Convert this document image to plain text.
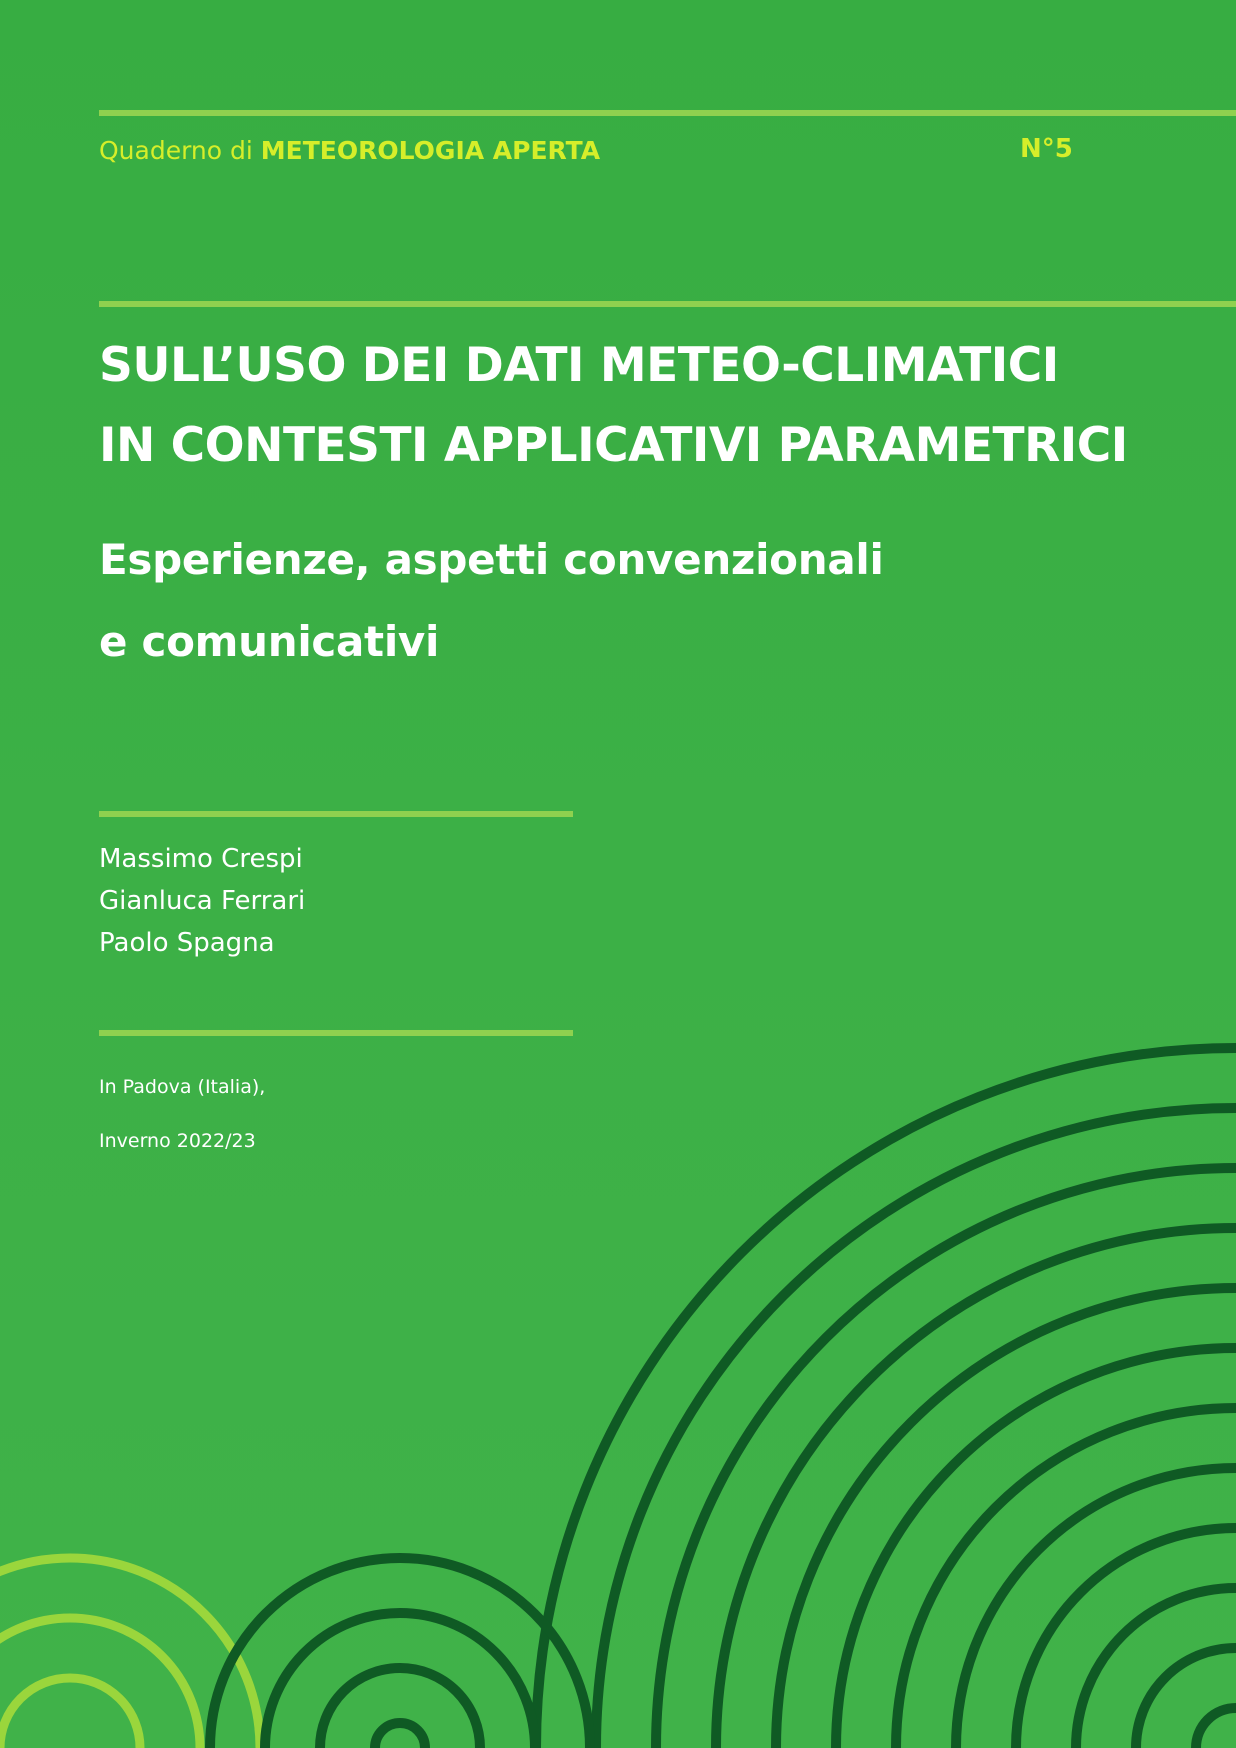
Quaderno di METEOROLOGIA APERTA	N°5
SULL’USO DEI DATI METEO-CLIMATICI
IN CONTESTI APPLICATIVI PARAMETRICI
Esperienze, aspetti convenzionali
e comunicativi
Massimo Crespi
Gianluca Ferrari
Paolo Spagna
In Padova (Italia),
Inverno 2022/23
